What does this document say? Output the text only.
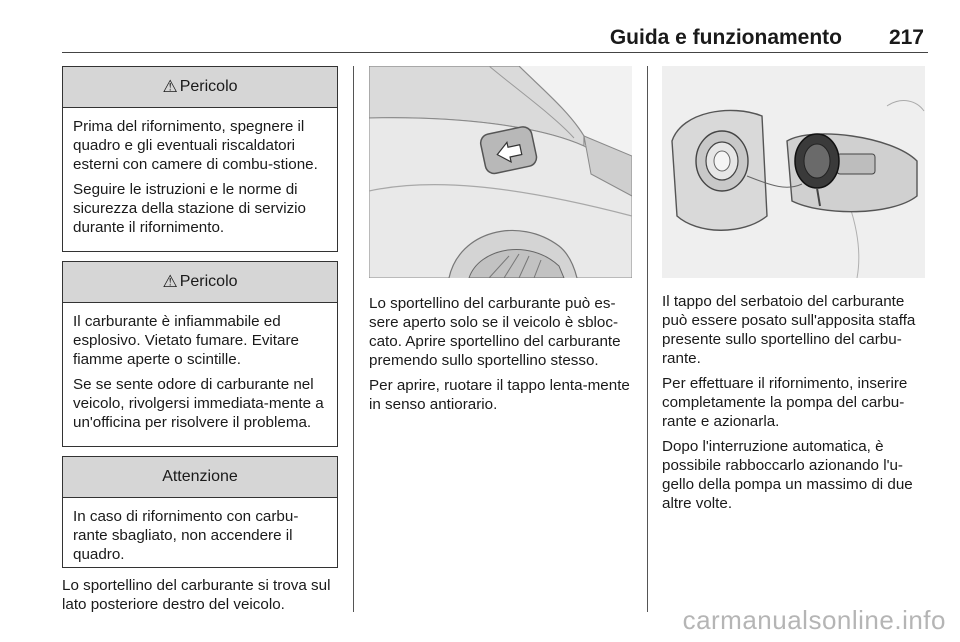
Guida e funzionamento 217
⚠ Pericolo

Prima del rifornimento, spegnere il quadro e gli eventuali riscaldatori esterni con camere di combu-stione.

Seguire le istruzioni e le norme di sicurezza della stazione di servizio durante il rifornimento.

⚠ Pericolo

Il carburante è infiammabile ed esplosivo. Vietato fumare. Evitare fiamme aperte o scintille.

Se se sente odore di carburante nel veicolo, rivolgersi immediata-mente a un'officina per risolvere il problema.

Attenzione

In caso di rifornimento con carbu-rante sbagliato, non accendere il quadro.

Lo sportellino del carburante si trova sul lato posteriore destro del veicolo.

Lo sportellino del carburante può es-sere aperto solo se il veicolo è sbloc-cato. Aprire sportellino del carburante premendo sullo sportellino stesso.

Per aprire, ruotare il tappo lenta-mente in senso antiorario.

Il tappo del serbatoio del carburante può essere posato sull'apposita staffa presente sullo sportellino del carbu-rante.

Per effettuare il rifornimento, inserire completamente la pompa del carbu-rante e azionarla.

Dopo l'interruzione automatica, è possibile rabboccarlo azionando l'u-gello della pompa un massimo di due altre volte.

carmanualsonline.info
